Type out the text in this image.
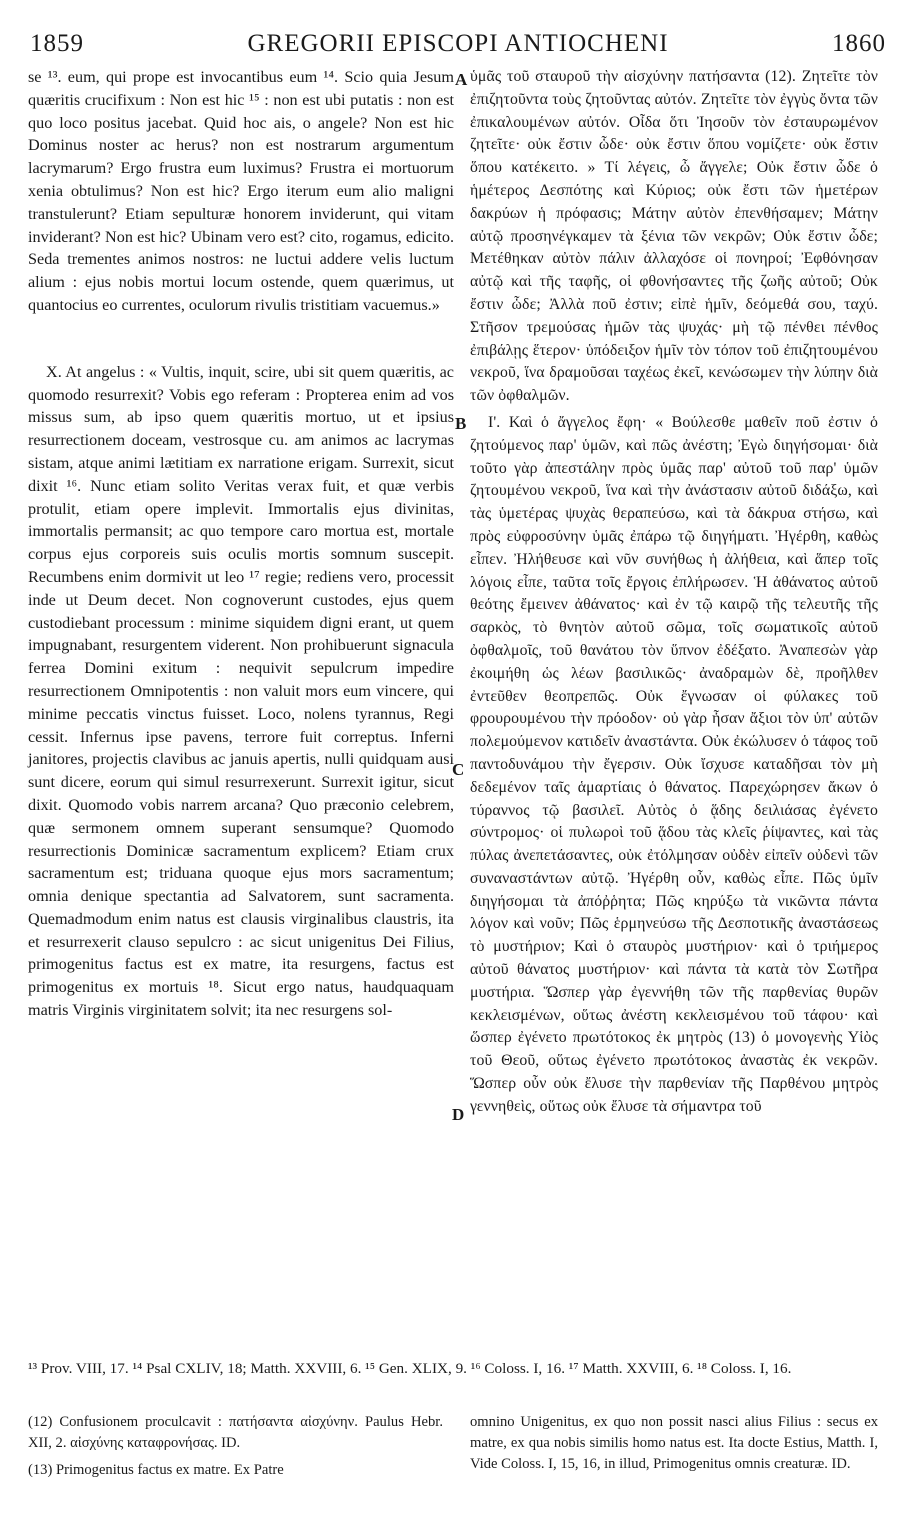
1859	GREGORII EPISCOPI ANTIOCHENI	1860

se ¹³. eum, qui prope est invocantibus eum ¹⁴. Scio quia Jesum quæritis crucifixum : Non est hic ¹⁵ : non est ubi putatis : non est quo loco positus jacebat. Quid hoc ais, o angele? Non est hic Dominus noster ac herus? non est nostrarum argumentum lacrymarum? Ergo frustra eum luximus? Frustra ei mortuorum xenia obtulimus? Non est hic? Ergo iterum eum alio maligni transtulerunt? Etiam sepulturæ honorem inviderunt, qui vitam inviderant? Non est hic? Ubinam vero est? cito, rogamus, edicito. Seda trementes animos nostros: ne luctui addere velis luctum alium : ejus nobis mortui locum ostende, quem quærimus, ut quantocius eo currentes, oculorum rivulis tristitiam vacuemus.»

X. At angelus : « Vultis, inquit, scire, ubi sit quem quæritis, ac quomodo resurrexit? Vobis ego referam : Propterea enim ad vos missus sum, ab ipso quem quæritis mortuo, ut et ipsius resurrectionem doceam, vestrosque cu. am animos ac lacrymas sistam, atque animi lætitiam ex narratione erigam. Surrexit, sicut dixit ¹⁶. Nunc etiam solito Veritas verax fuit, et quæ verbis protulit, etiam opere implevit. Immortalis ejus divinitas, immortalis permansit; ac quo tempore caro mortua est, mortale corpus ejus corporeis suis oculis mortis somnum suscepit. Recumbens enim dormivit ut leo ¹⁷ regie; rediens vero, processit inde ut Deum decet. Non cognoverunt custodes, ejus quem custodiebant processum : minime siquidem digni erant, ut quem impugnabant, resurgentem viderent. Non prohibuerunt signacula ferrea Domini exitum : nequivit sepulcrum impedire resurrectionem Omnipotentis : non valuit mors eum vincere, qui minime peccatis vinctus fuisset. Loco, nolens tyrannus, Regi cessit. Infernus ipse pavens, terrore fuit correptus. Inferni janitores, projectis clavibus ac januis apertis, nulli quidquam ausi sunt dicere, eorum qui simul resurrexerunt. Surrexit igitur, sicut dixit. Quomodo vobis narrem arcana? Quo præconio celebrem, quæ sermonem omnem superant sensumque? Quomodo resurrectionis Dominicæ sacramentum explicem? Etiam crux sacramentum est; triduana quoque ejus mors sacramentum; omnia denique spectantia ad Salvatorem, sunt sacramenta. Quemadmodum enim natus est clausis virginalibus claustris, ita et resurrexerit clauso sepulcro : ac sicut unigenitus Dei Filius, primogenitus factus est ex matre, ita resurgens, factus est primogenitus ex mortuis ¹⁸. Sicut ergo natus, haudquaquam matris Virginis virginitatem solvit; ita nec resurgens sol-

A
B
C
D

ὑμᾶς τοῦ σταυροῦ τὴν αἰσχύνην πατήσαντα (12). Ζητεῖτε τὸν ἐπιζητοῦντα τοὺς ζητοῦντας αὐτόν. Ζητεῖτε τὸν ἐγγὺς ὄντα τῶν ἐπικαλουμένων αὐτόν. Οἶδα ὅτι Ἰησοῦν τὸν ἐσταυρωμένον ζητεῖτε· οὐκ ἔστιν ὧδε· οὐκ ἔστιν ὅπου νομίζετε· οὐκ ἔστιν ὅπου κατέκειτο. » Τί λέγεις, ὦ ἄγγελε; Οὐκ ἔστιν ὧδε ὁ ἡμέτερος Δεσπότης καὶ Κύριος; οὐκ ἔστι τῶν ἡμετέρων δακρύων ἡ πρόφασις; Μάτην αὐτὸν ἐπενθήσαμεν; Μάτην αὐτῷ προσηνέγκαμεν τὰ ξένια τῶν νεκρῶν; Οὐκ ἔστιν ὧδε; Μετέθηκαν αὐτὸν πάλιν ἀλλαχόσε οἱ πονηροί; Ἐφθόνησαν αὐτῷ καὶ τῆς ταφῆς, οἱ φθονήσαντες τῆς ζωῆς αὐτοῦ; Οὐκ ἔστιν ὧδε; Ἀλλὰ ποῦ ἐστιν; εἰπὲ ἡμῖν, δεόμεθά σου, ταχύ. Στῆσον τρεμούσας ἡμῶν τὰς ψυχάς· μὴ τῷ πένθει πένθος ἐπιβάλῃς ἕτερον· ὑπόδειξον ἡμῖν τὸν τόπον τοῦ ἐπιζητουμένου νεκροῦ, ἵνα δραμοῦσαι ταχέως ἐκεῖ, κενώσωμεν τὴν λύπην διὰ τῶν ὀφθαλμῶν.

Ι'. Καὶ ὁ ἄγγελος ἔφη· « Βούλεσθε μαθεῖν ποῦ ἐστιν ὁ ζητούμενος παρ' ὑμῶν, καὶ πῶς ἀνέστη; Ἐγὼ διηγήσομαι· διὰ τοῦτο γὰρ ἀπεστάλην πρὸς ὑμᾶς παρ' αὐτοῦ τοῦ παρ' ὑμῶν ζητουμένου νεκροῦ, ἵνα καὶ τὴν ἀνάστασιν αὐτοῦ διδάξω, καὶ τὰς ὑμετέρας ψυχὰς θεραπεύσω, καὶ τὰ δάκρυα στήσω, καὶ πρὸς εὐφροσύνην ὑμᾶς ἐπάρω τῷ διηγήματι. Ἠγέρθη, καθὼς εἶπεν. Ἠλήθευσε καὶ νῦν συνήθως ἡ ἀλήθεια, καὶ ἅπερ τοῖς λόγοις εἶπε, ταῦτα τοῖς ἔργοις ἐπλήρωσεν. Ἡ ἀθάνατος αὐτοῦ θεότης ἔμεινεν ἀθάνατος· καὶ ἐν τῷ καιρῷ τῆς τελευτῆς τῆς σαρκὸς, τὸ θνητὸν αὐτοῦ σῶμα, τοῖς σωματικοῖς αὐτοῦ ὀφθαλμοῖς, τοῦ θανάτου τὸν ὕπνον ἐδέξατο. Ἀναπεσὼν γὰρ ἐκοιμήθη ὡς λέων βασιλικῶς· ἀναδραμὼν δὲ, προῆλθεν ἐντεῦθεν θεοπρεπῶς. Οὐκ ἔγνωσαν οἱ φύλακες τοῦ φρουρουμένου τὴν πρόοδον· οὐ γὰρ ἦσαν ἄξιοι τὸν ὑπ' αὐτῶν πολεμούμενον κατιδεῖν ἀναστάντα. Οὐκ ἐκώλυσεν ὁ τάφος τοῦ παντοδυνάμου τὴν ἔγερσιν. Οὐκ ἴσχυσε καταδῆσαι τὸν μὴ δεδεμένον ταῖς ἁμαρτίαις ὁ θάνατος. Παρεχώρησεν ἄκων ὁ τύραννος τῷ βασιλεῖ. Αὐτὸς ὁ ᾅδης δειλιάσας ἐγένετο σύντρομος· οἱ πυλωροὶ τοῦ ᾅδου τὰς κλεῖς ῥίψαντες, καὶ τὰς πύλας ἀνεπετάσαντες, οὐκ ἐτόλμησαν οὐδὲν εἰπεῖν οὐδενὶ τῶν συναναστάντων αὐτῷ. Ἠγέρθη οὖν, καθὼς εἶπε. Πῶς ὑμῖν διηγήσομαι τὰ ἀπόῤῥητα; Πῶς κηρύξω τὰ νικῶντα πάντα λόγον καὶ νοῦν; Πῶς ἑρμηνεύσω τῆς Δεσποτικῆς ἀναστάσεως τὸ μυστήριον; Καὶ ὁ σταυρὸς μυστήριον· καὶ ὁ τριήμερος αὐτοῦ θάνατος μυστήριον· καὶ πάντα τὰ κατὰ τὸν Σωτῆρα μυστήρια. Ὥσπερ γὰρ ἐγεννήθη τῶν τῆς παρθενίας θυρῶν κεκλεισμένων, οὕτως ἀνέστη κεκλεισμένου τοῦ τάφου· καὶ ὥσπερ ἐγένετο πρωτότοκος ἐκ μητρὸς (13) ὁ μονογενὴς Υἱὸς τοῦ Θεοῦ, οὕτως ἐγένετο πρωτότοκος ἀναστὰς ἐκ νεκρῶν. Ὥσπερ οὖν οὐκ ἔλυσε τὴν παρθενίαν τῆς Παρθένου μητρὸς γεννηθεὶς, οὕτως οὐκ ἔλυσε τὰ σήμαντρα τοῦ

¹³ Prov. VIII, 17. ¹⁴ Psal CXLIV, 18; Matth. XXVIII, 6. ¹⁵ Gen. XLIX, 9. ¹⁶ Coloss. I, 16. ¹⁷ Matth. XXVIII, 6. ¹⁸ Coloss. I, 16.

(12) Confusionem proculcavit : πατήσαντα αἰσχύνην. Paulus Hebr. XII, 2. αἰσχύνης καταφρονήσας. ID.

(13) Primogenitus factus ex matre. Ex Patre

omnino Unigenitus, ex quo non possit nasci alius Filius : secus ex matre, ex qua nobis similis homo natus est. Ita docte Estius, Matth. I, Vide Coloss. I, 15, 16, in illud, Primogenitus omnis creaturæ. ID.
